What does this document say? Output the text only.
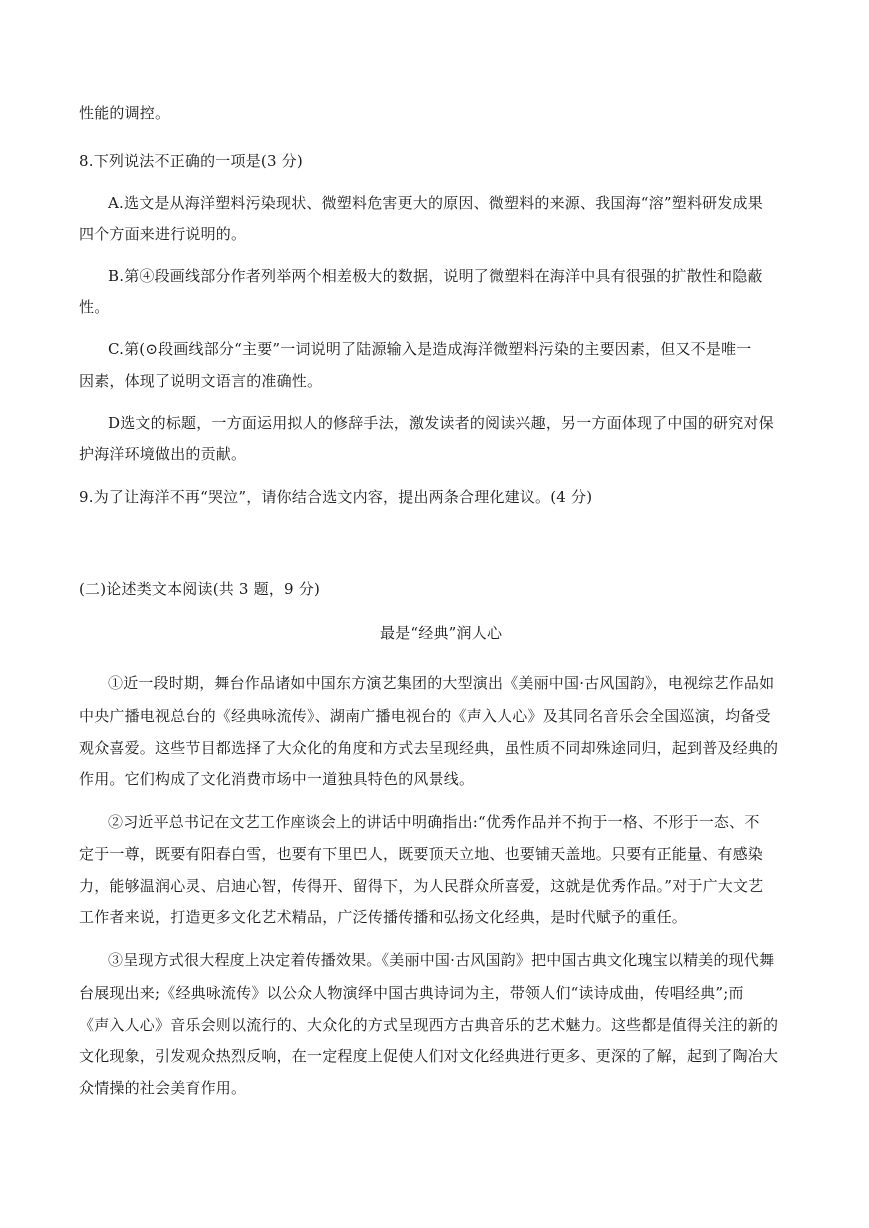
性能的调控。
8.下列说法不正确的一项是(3 分)
A.选文是从海洋塑料污染现状、微塑料危害更大的原因、微塑料的来源、我国海“溶”塑料研发成果
四个方面来进行说明的。
B.第④段画线部分作者列举两个相差极大的数据，说明了微塑料在海洋中具有很强的扩散性和隐蔽
性。
C.第(⊙段画线部分“主要”一词说明了陆源输入是造成海洋微塑料污染的主要因素，但又不是唯一
因素，体现了说明文语言的准确性。
D选文的标题，一方面运用拟人的修辞手法，激发读者的阅读兴趣，另一方面体现了中国的研究对保
护海洋环境做出的贡献。
9.为了让海洋不再“哭泣”，请你结合选文内容，提出两条合理化建议。(4 分)
(二)论述类文本阅读(共 3 题，9 分)
最是“经典”润人心
①近一段时期，舞台作品诸如中国东方演艺集团的大型演出《美丽中国·古风国韵》，电视综艺作品如
中央广播电视总台的《经典咏流传》、湖南广播电视台的《声入人心》及其同名音乐会全国巡演，均备受
观众喜爱。这些节目都选择了大众化的角度和方式去呈现经典，虽性质不同却殊途同归，起到普及经典的
作用。它们构成了文化消费市场中一道独具特色的风景线。
②习近平总书记在文艺工作座谈会上的讲话中明确指出:“优秀作品并不拘于一格、不形于一态、不
定于一尊，既要有阳春白雪，也要有下里巴人，既要顶天立地、也要铺天盖地。只要有正能量、有感染
力，能够温润心灵、启迪心智，传得开、留得下，为人民群众所喜爱，这就是优秀作品。”对于广大文艺
工作者来说，打造更多文化艺术精品，广泛传播传播和弘扬文化经典，是时代赋予的重任。
③呈现方式很大程度上决定着传播效果。《美丽中国·古风国韵》把中国古典文化瑰宝以精美的现代舞
台展现出来;《经典咏流传》以公众人物演绎中国古典诗词为主，带领人们“读诗成曲，传唱经典”;而
《声入人心》音乐会则以流行的、大众化的方式呈现西方古典音乐的艺术魅力。这些都是值得关注的新的
文化现象，引发观众热烈反响，在一定程度上促使人们对文化经典进行更多、更深的了解，起到了陶冶大
众情操的社会美育作用。
